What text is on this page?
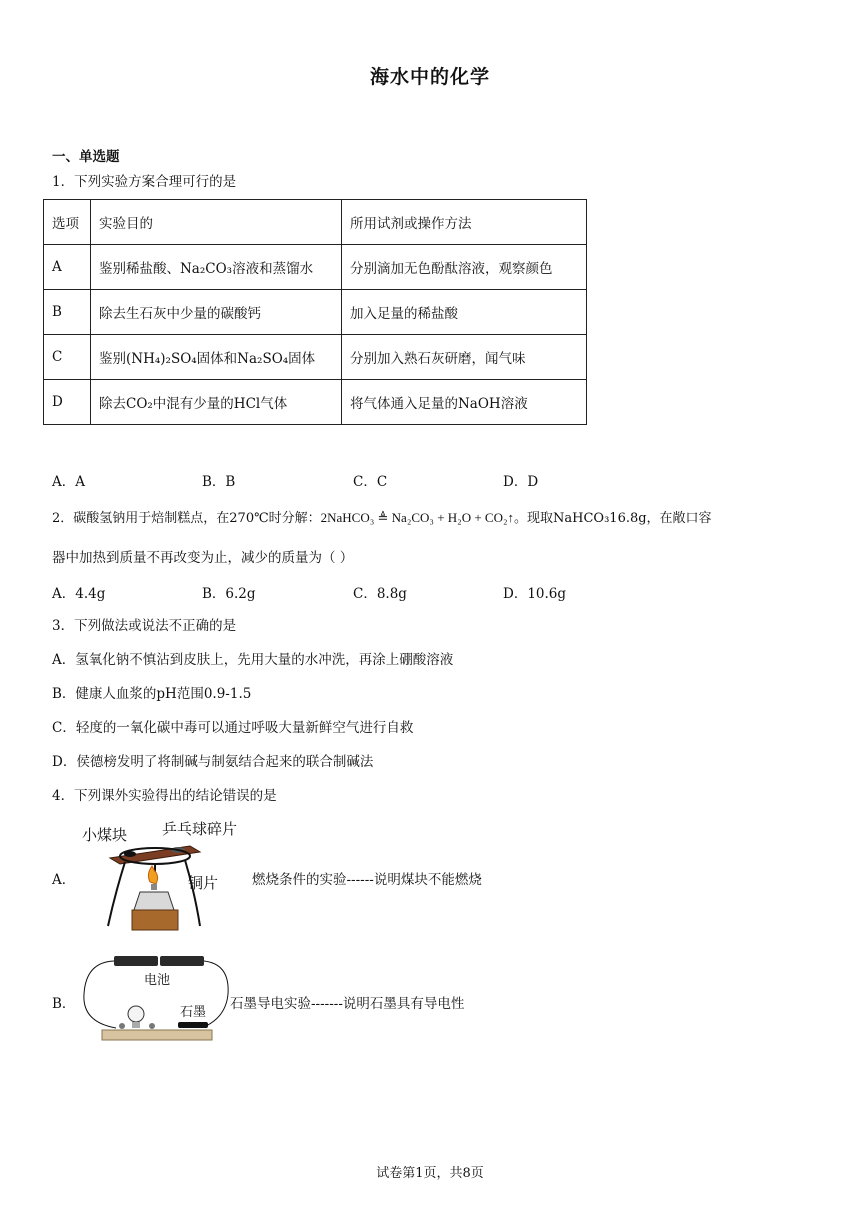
海水中的化学
一、单选题
1．下列实验方案合理可行的是
选项	实验目的	所用试剂或操作方法
A	鉴别稀盐酸、Na₂CO₃溶液和蒸馏水	分别滴加无色酚酞溶液，观察颜色
B	除去生石灰中少量的碳酸钙	加入足量的稀盐酸
C	鉴别(NH₄)₂SO₄固体和Na₂SO₄固体	分别加入熟石灰研磨，闻气味
D	除去CO₂中混有少量的HCl气体	将气体通入足量的NaOH溶液
A．A	B．B	C．C	D．D
2．碳酸氢钠用于焙制糕点，在270℃时分解：2NaHCO₃ ≜ Na₂CO₃ + H₂O + CO₂↑。现取NaHCO₃16.8g，在敞口容
器中加热到质量不再改变为止，减少的质量为（ ）
A．4.4g	B．6.2g	C．8.8g	D．10.6g
3．下列做法或说法不正确的是
A．氢氧化钠不慎沾到皮肤上，先用大量的水冲洗，再涂上硼酸溶液
B．健康人血浆的pH范围0.9-1.5
C．轻度的一氧化碳中毒可以通过呼吸大量新鲜空气进行自救
D．侯德榜发明了将制碱与制氨结合起来的联合制碱法
4．下列课外实验得出的结论错误的是
A．
小煤块 乒乓球碎片
铜片	燃烧条件的实验------说明煤块不能燃烧
B．
电池
石墨
石墨导电实验-------说明石墨具有导电性
试卷第1页，共8页
